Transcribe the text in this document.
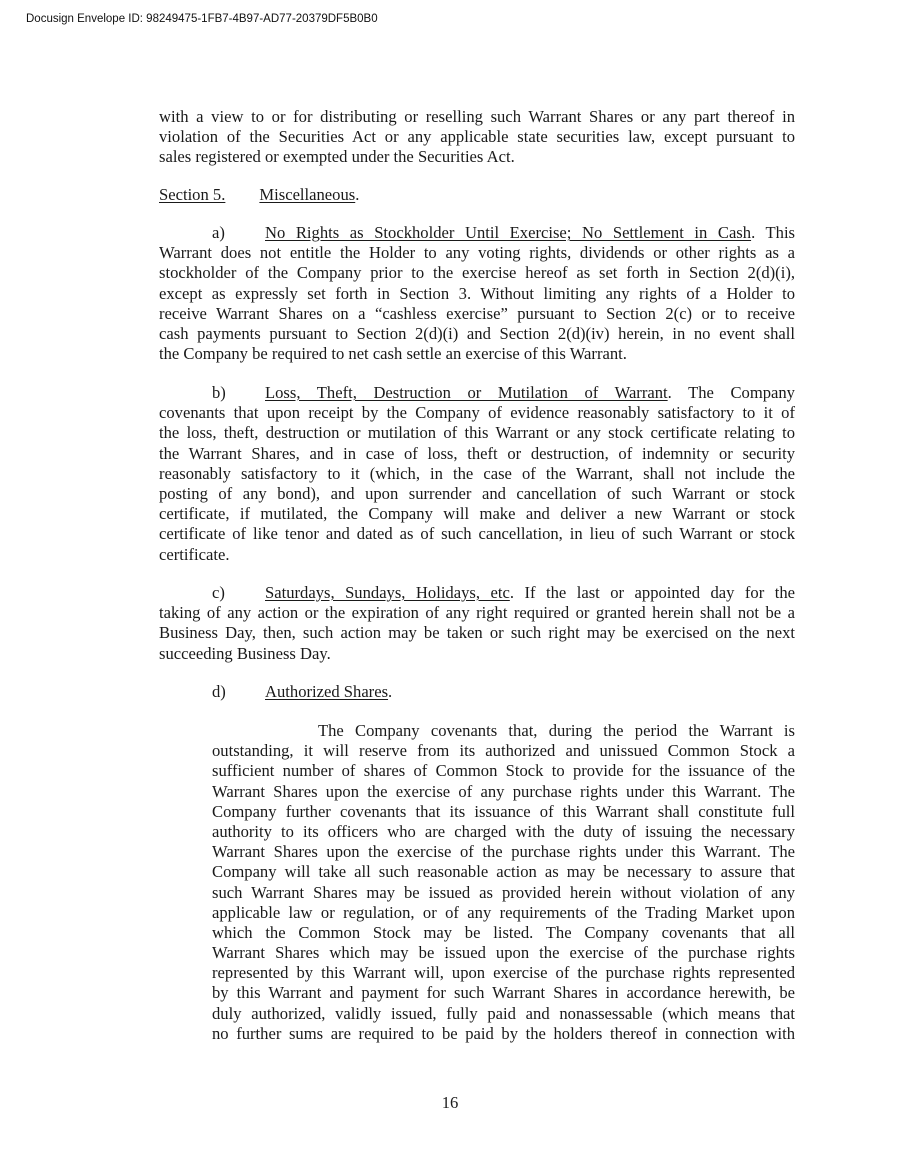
Docusign Envelope ID: 98249475-1FB7-4B97-AD77-20379DF5B0B0
with a view to or for distributing or reselling such Warrant Shares or any part thereof in
violation of the Securities Act or any applicable state securities law, except pursuant to
sales registered or exempted under the Securities Act.
Section 5. Miscellaneous.
a)	No Rights as Stockholder Until Exercise; No Settlement in Cash. This
Warrant does not entitle the Holder to any voting rights, dividends or other rights as a
stockholder of the Company prior to the exercise hereof as set forth in Section 2(d)(i),
except as expressly set forth in Section 3. Without limiting any rights of a Holder to
receive Warrant Shares on a “cashless exercise” pursuant to Section 2(c) or to receive
cash payments pursuant to Section 2(d)(i) and Section 2(d)(iv) herein, in no event shall
the Company be required to net cash settle an exercise of this Warrant.
b)	Loss, Theft, Destruction or Mutilation of Warrant. The Company
covenants that upon receipt by the Company of evidence reasonably satisfactory to it of
the loss, theft, destruction or mutilation of this Warrant or any stock certificate relating to
the Warrant Shares, and in case of loss, theft or destruction, of indemnity or security
reasonably satisfactory to it (which, in the case of the Warrant, shall not include the
posting of any bond), and upon surrender and cancellation of such Warrant or stock
certificate, if mutilated, the Company will make and deliver a new Warrant or stock
certificate of like tenor and dated as of such cancellation, in lieu of such Warrant or stock
certificate.
c)	Saturdays, Sundays, Holidays, etc. If the last or appointed day for the
taking of any action or the expiration of any right required or granted herein shall not be a
Business Day, then, such action may be taken or such right may be exercised on the next
succeeding Business Day.
d)	Authorized Shares.
The Company covenants that, during the period the Warrant is
outstanding, it will reserve from its authorized and unissued Common Stock a
sufficient number of shares of Common Stock to provide for the issuance of the
Warrant Shares upon the exercise of any purchase rights under this Warrant. The
Company further covenants that its issuance of this Warrant shall constitute full
authority to its officers who are charged with the duty of issuing the necessary
Warrant Shares upon the exercise of the purchase rights under this Warrant. The
Company will take all such reasonable action as may be necessary to assure that
such Warrant Shares may be issued as provided herein without violation of any
applicable law or regulation, or of any requirements of the Trading Market upon
which the Common Stock may be listed. The Company covenants that all
Warrant Shares which may be issued upon the exercise of the purchase rights
represented by this Warrant will, upon exercise of the purchase rights represented
by this Warrant and payment for such Warrant Shares in accordance herewith, be
duly authorized, validly issued, fully paid and nonassessable (which means that
no further sums are required to be paid by the holders thereof in connection with
16
